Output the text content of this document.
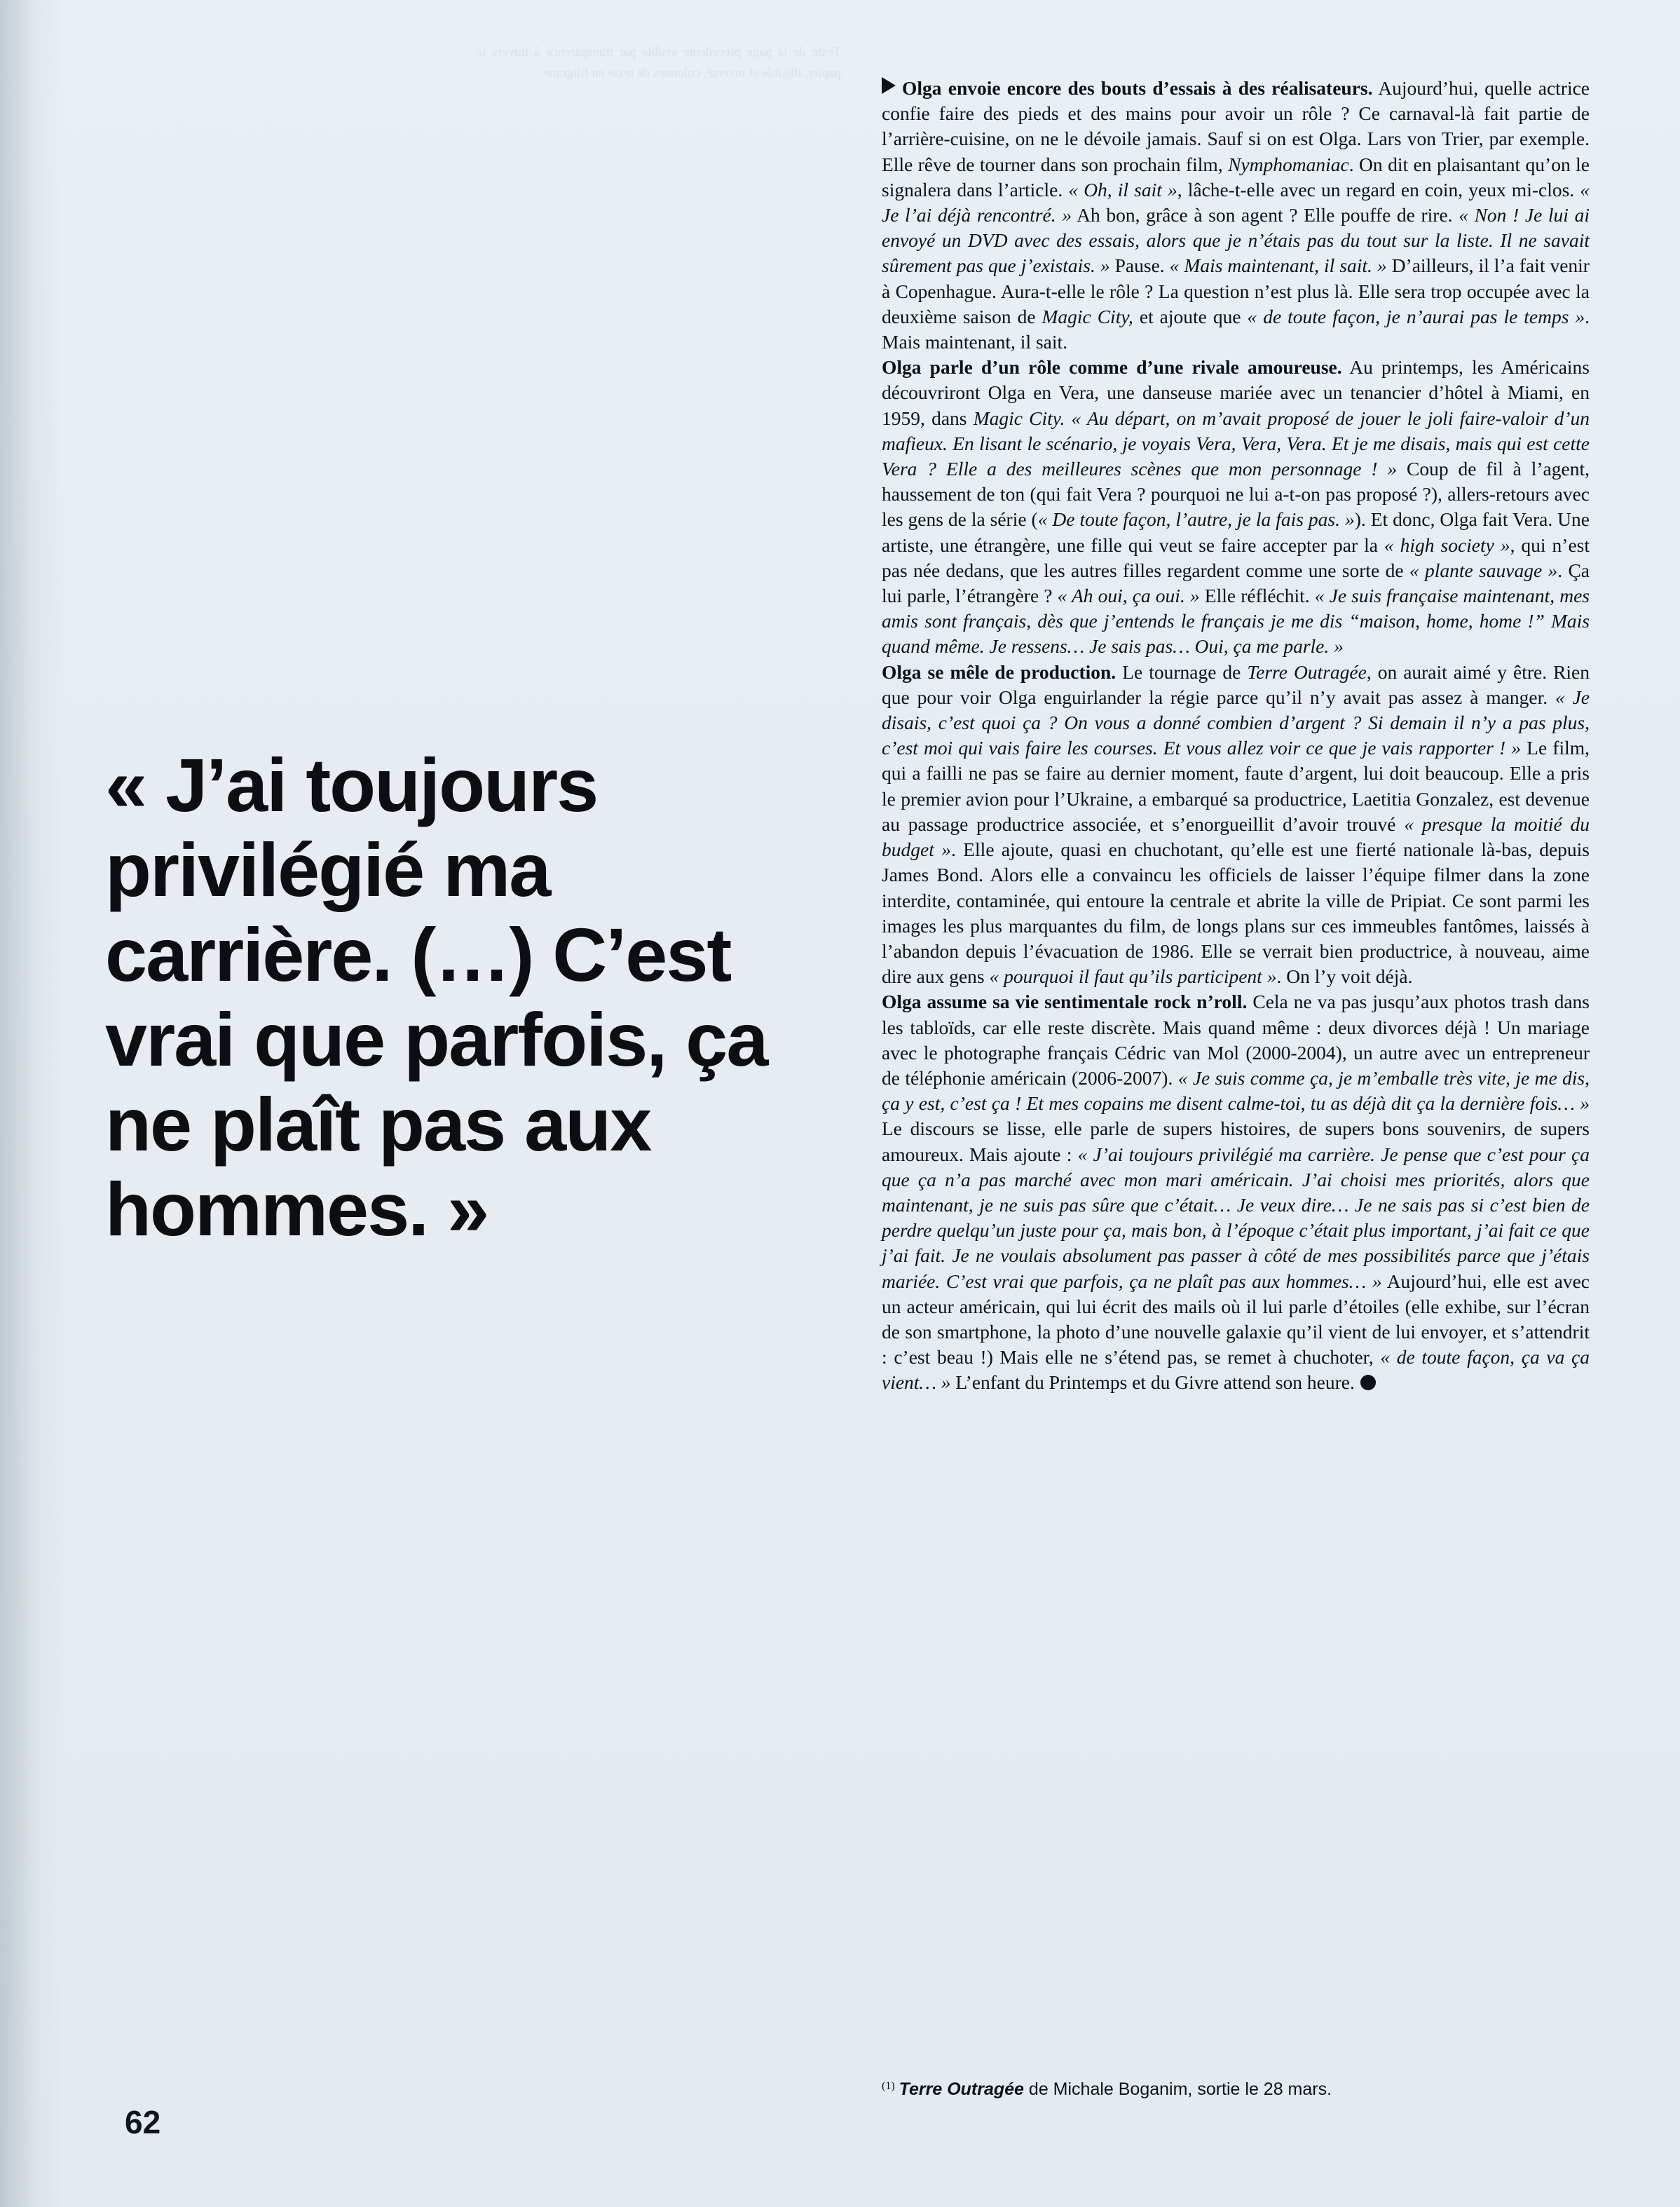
Texte de la page précédente visible par transparence à travers le papier, illisible et inversé, colonnes de texte en filigrane.

« J’ai toujours privilégié ma carrière. (…) C’est vrai que parfois, ça ne plaît pas aux hommes. »

62

Olga envoie encore des bouts d’essais à des réalisateurs. Aujourd’hui, quelle actrice confie faire des pieds et des mains pour avoir un rôle ? Ce carnaval-là fait partie de l’arrière-cuisine, on ne le dévoile jamais. Sauf si on est Olga. Lars von Trier, par exemple. Elle rêve de tourner dans son prochain film, Nymphomaniac. On dit en plaisantant qu’on le signalera dans l’article. « Oh, il sait », lâche-t-elle avec un regard en coin, yeux mi-clos. « Je l’ai déjà rencontré. » Ah bon, grâce à son agent ? Elle pouffe de rire. « Non ! Je lui ai envoyé un DVD avec des essais, alors que je n’étais pas du tout sur la liste. Il ne savait sûrement pas que j’existais. » Pause. « Mais maintenant, il sait. » D’ailleurs, il l’a fait venir à Copenhague. Aura-t-elle le rôle ? La question n’est plus là. Elle sera trop occupée avec la deuxième saison de Magic City, et ajoute que « de toute façon, je n’aurai pas le temps ». Mais maintenant, il sait.

Olga parle d’un rôle comme d’une rivale amoureuse. Au printemps, les Américains découvriront Olga en Vera, une danseuse mariée avec un tenancier d’hôtel à Miami, en 1959, dans Magic City. « Au départ, on m’avait proposé de jouer le joli faire-valoir d’un mafieux. En lisant le scénario, je voyais Vera, Vera, Vera. Et je me disais, mais qui est cette Vera ? Elle a des meilleures scènes que mon personnage ! » Coup de fil à l’agent, haussement de ton (qui fait Vera ? pourquoi ne lui a-t-on pas proposé ?), allers-retours avec les gens de la série (« De toute façon, l’autre, je la fais pas. »). Et donc, Olga fait Vera. Une artiste, une étrangère, une fille qui veut se faire accepter par la « high society », qui n’est pas née dedans, que les autres filles regardent comme une sorte de « plante sauvage ». Ça lui parle, l’étrangère ? « Ah oui, ça oui. » Elle réfléchit. « Je suis française maintenant, mes amis sont français, dès que j’entends le français je me dis “maison, home, home !” Mais quand même. Je ressens… Je sais pas… Oui, ça me parle. »

Olga se mêle de production. Le tournage de Terre Outragée, on aurait aimé y être. Rien que pour voir Olga enguirlander la régie parce qu’il n’y avait pas assez à manger. « Je disais, c’est quoi ça ? On vous a donné combien d’argent ? Si demain il n’y a pas plus, c’est moi qui vais faire les courses. Et vous allez voir ce que je vais rapporter ! » Le film, qui a failli ne pas se faire au dernier moment, faute d’argent, lui doit beaucoup. Elle a pris le premier avion pour l’Ukraine, a embarqué sa productrice, Laetitia Gonzalez, est devenue au passage productrice associée, et s’enorgueillit d’avoir trouvé « presque la moitié du budget ». Elle ajoute, quasi en chuchotant, qu’elle est une fierté nationale là-bas, depuis James Bond. Alors elle a convaincu les officiels de laisser l’équipe filmer dans la zone interdite, contaminée, qui entoure la centrale et abrite la ville de Pripiat. Ce sont parmi les images les plus marquantes du film, de longs plans sur ces immeubles fantômes, laissés à l’abandon depuis l’évacuation de 1986. Elle se verrait bien productrice, à nouveau, aime dire aux gens « pourquoi il faut qu’ils participent ». On l’y voit déjà.

Olga assume sa vie sentimentale rock n’roll. Cela ne va pas jusqu’aux photos trash dans les tabloïds, car elle reste discrète. Mais quand même : deux divorces déjà ! Un mariage avec le photographe français Cédric van Mol (2000-2004), un autre avec un entrepreneur de téléphonie américain (2006-2007). « Je suis comme ça, je m’emballe très vite, je me dis, ça y est, c’est ça ! Et mes copains me disent calme-toi, tu as déjà dit ça la dernière fois… » Le discours se lisse, elle parle de supers histoires, de supers bons souvenirs, de supers amoureux. Mais ajoute : « J’ai toujours privilégié ma carrière. Je pense que c’est pour ça que ça n’a pas marché avec mon mari américain. J’ai choisi mes priorités, alors que maintenant, je ne suis pas sûre que c’était… Je veux dire… Je ne sais pas si c’est bien de perdre quelqu’un juste pour ça, mais bon, à l’époque c’était plus important, j’ai fait ce que j’ai fait. Je ne voulais absolument pas passer à côté de mes possibilités parce que j’étais mariée. C’est vrai que parfois, ça ne plaît pas aux hommes… » Aujourd’hui, elle est avec un acteur américain, qui lui écrit des mails où il lui parle d’étoiles (elle exhibe, sur l’écran de son smartphone, la photo d’une nouvelle galaxie qu’il vient de lui envoyer, et s’attendrit : c’est beau !) Mais elle ne s’étend pas, se remet à chuchoter, « de toute façon, ça va ça vient… » L’enfant du Printemps et du Givre attend son heure.

$^{(1)}$ Terre Outragée de Michale Boganim, sortie le 28 mars.
